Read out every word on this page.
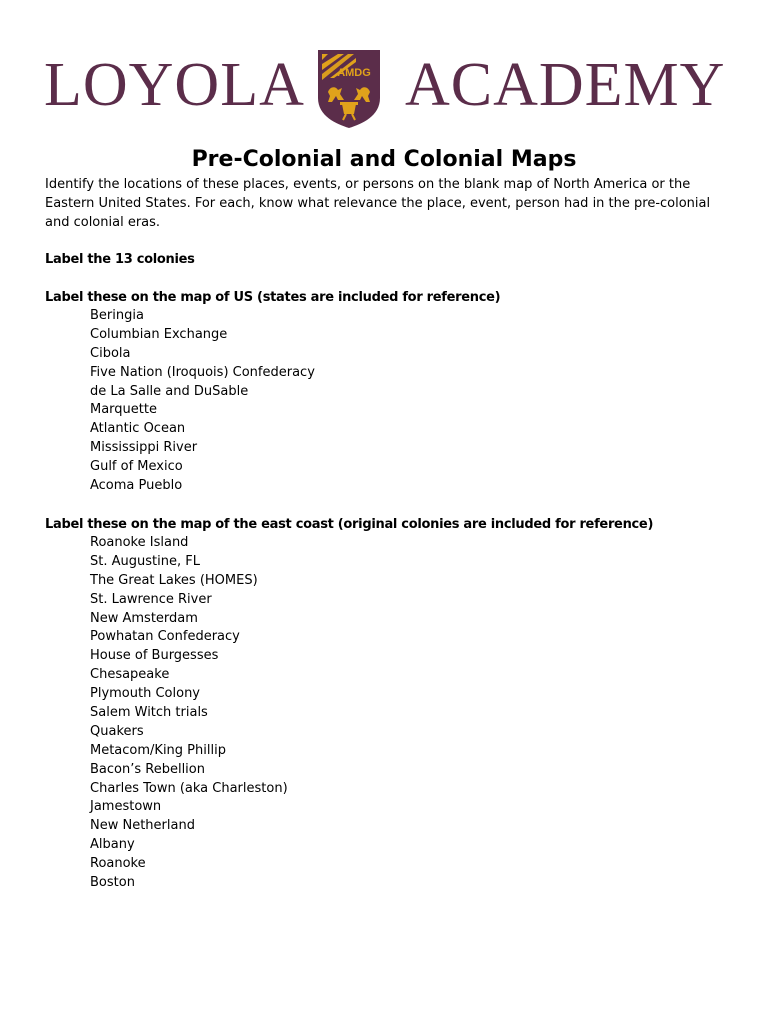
LOYOLA	AMDG ACADEMY
Pre-Colonial and Colonial Maps
Identify the locations of these places, events, or persons on the blank map of North America or the Eastern United States. For each, know what relevance the place, event, person had in the pre-colonial and colonial eras.
Label the 13 colonies
Label these on the map of US (states are included for reference)
Beringia
Columbian Exchange
Cibola
Five Nation (Iroquois) Confederacy
de La Salle and DuSable
Marquette
Atlantic Ocean
Mississippi River
Gulf of Mexico
Acoma Pueblo
Label these on the map of the east coast (original colonies are included for reference)
Roanoke Island
St. Augustine, FL
The Great Lakes (HOMES)
St. Lawrence River
New Amsterdam
Powhatan Confederacy
House of Burgesses
Chesapeake
Plymouth Colony
Salem Witch trials
Quakers
Metacom/King Phillip
Bacon’s Rebellion
Charles Town (aka Charleston)
Jamestown
New Netherland
Albany
Roanoke
Boston
